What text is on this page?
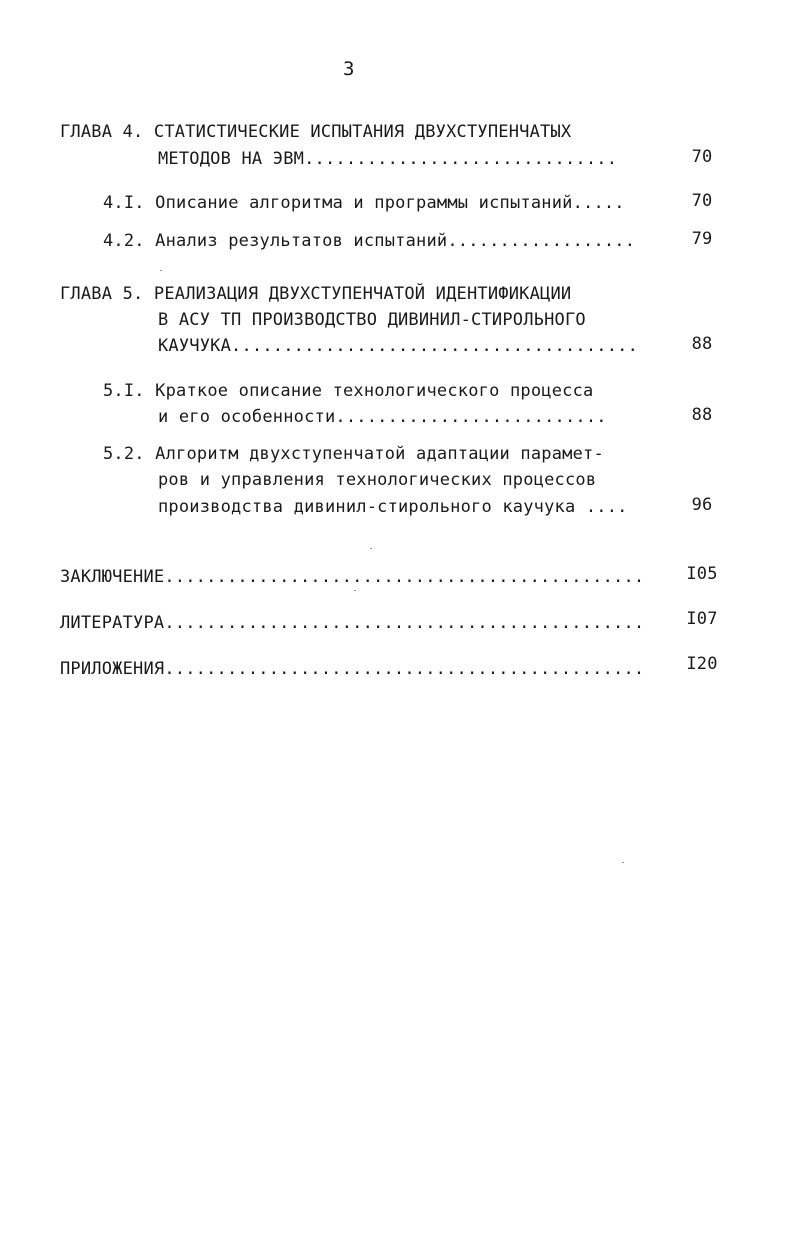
3
ГЛАВА 4. СТАТИСТИЧЕСКИЕ ИСПЫТАНИЯ ДВУХСТУПЕНЧАТЫХ
МЕТОДОВ НА ЭВМ..............................	70
4.I. Описание алгоритма и программы испытаний.....	70
4.2. Анализ результатов испытаний..................	79
ГЛАВА 5. РЕАЛИЗАЦИЯ ДВУХСТУПЕНЧАТОЙ ИДЕНТИФИКАЦИИ
В АСУ ТП ПРОИЗВОДСТВО ДИВИНИЛ-СТИРОЛЬНОГО
КАУЧУКА.......................................	88
5.I. Краткое описание технологического процесса
и его особенности..........................	88
5.2. Алгоритм двухступенчатой адаптации парамет-
ров и управления технологических процессов
производства дивинил-стирольного каучука ....	96
ЗАКЛЮЧЕНИЕ..............................................	I05
ЛИТЕРАТУРА..............................................	I07
ПРИЛОЖЕНИЯ..............................................	I20
